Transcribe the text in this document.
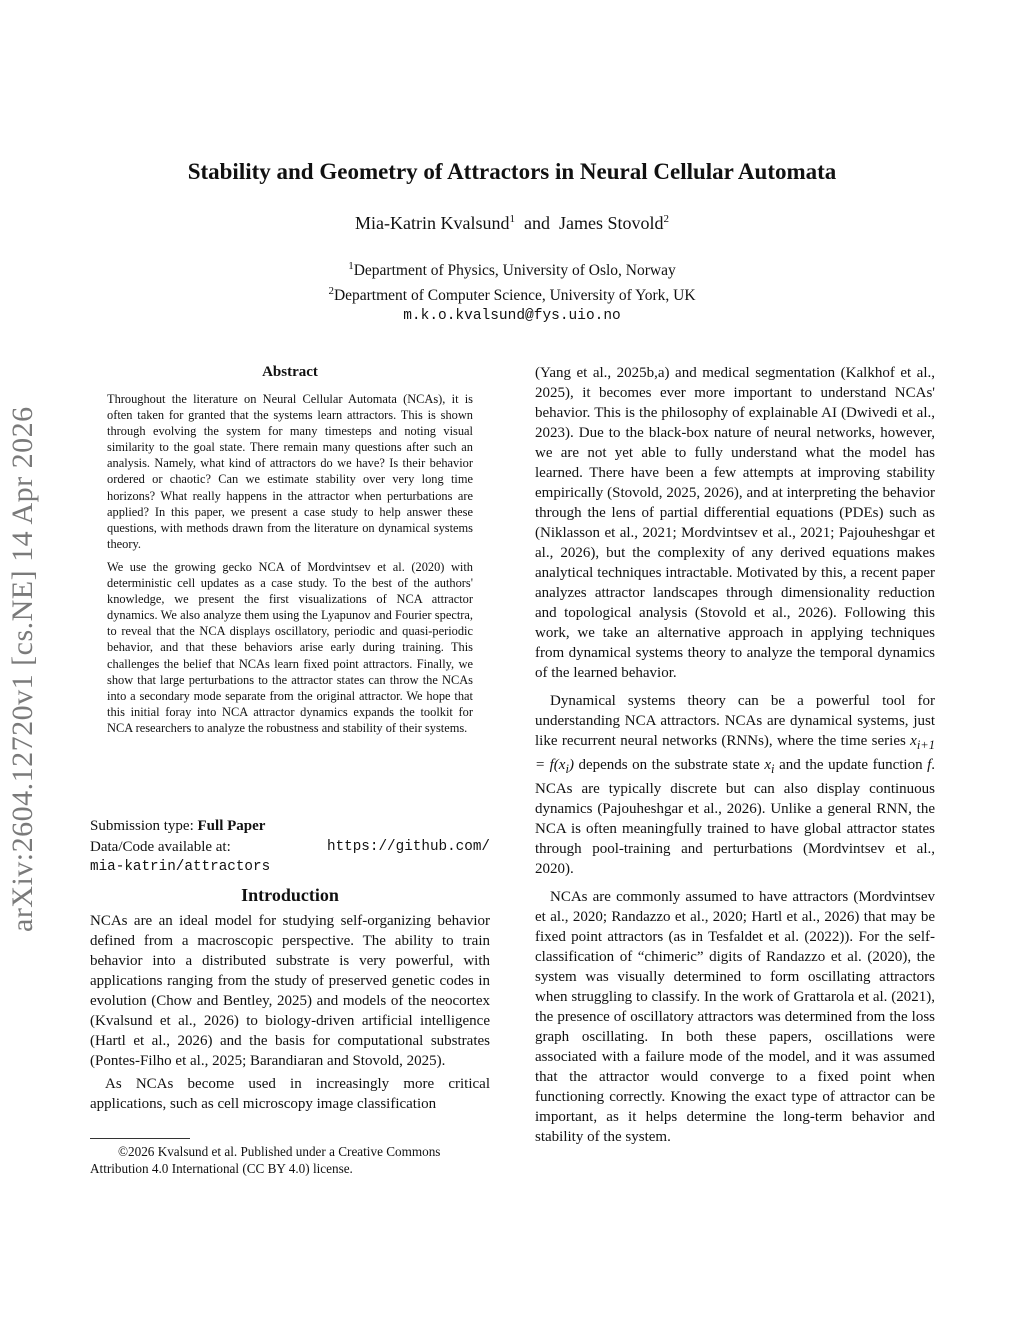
arXiv:2604.12720v1 [cs.NE] 14 Apr 2026
Stability and Geometry of Attractors in Neural Cellular Automata
Mia-Katrin Kvalsund$^1$ and James Stovold$^2$
$^1$Department of Physics, University of Oslo, Norway
$^2$Department of Computer Science, University of York, UK
m.k.o.kvalsund@fys.uio.no
Abstract

Throughout the literature on Neural Cellular Automata (NCAs), it is often taken for granted that the systems learn attractors. This is shown through evolving the system for many timesteps and noting visual similarity to the goal state. There remain many questions after such an analysis. Namely, what kind of attractors do we have? Is their behavior ordered or chaotic? Can we estimate stability over very long time horizons? What really happens in the attractor when perturbations are applied? In this paper, we present a case study to help answer these questions, with methods drawn from the literature on dynamical systems theory.

We use the growing gecko NCA of Mordvintsev et al. (2020) with deterministic cell updates as a case study. To the best of the authors' knowledge, we present the first visualizations of NCA attractor dynamics. We also analyze them using the Lyapunov and Fourier spectra, to reveal that the NCA displays oscillatory, periodic and quasi-periodic behavior, and that these behaviors arise early during training. This challenges the belief that NCAs learn fixed point attractors. Finally, we show that large perturbations to the attractor states can throw the NCAs into a secondary mode separate from the original attractor. We hope that this initial foray into NCA attractor dynamics expands the toolkit for NCA researchers to analyze the robustness and stability of their systems.

Submission type: Full Paper

Data/Code available at:	https://github.com/

mia-katrin/attractors

Introduction

NCAs are an ideal model for studying self-organizing behavior defined from a macroscopic perspective. The ability to train behavior into a distributed substrate is very powerful, with applications ranging from the study of preserved genetic codes in evolution (Chow and Bentley, 2025) and models of the neocortex (Kvalsund et al., 2026) to biology-driven artificial intelligence (Hartl et al., 2026) and the basis for computational substrates (Pontes-Filho et al., 2025; Barandiaran and Stovold, 2025).

As NCAs become used in increasingly more critical applications, such as cell microscopy image classification

©2026 Kvalsund et al. Published under a Creative Commons Attribution 4.0 International (CC BY 4.0) license.

(Yang et al., 2025b,a) and medical segmentation (Kalkhof et al., 2025), it becomes ever more important to understand NCAs' behavior. This is the philosophy of explainable AI (Dwivedi et al., 2023). Due to the black-box nature of neural networks, however, we are not yet able to fully understand what the model has learned. There have been a few attempts at improving stability empirically (Stovold, 2025, 2026), and at interpreting the behavior through the lens of partial differential equations (PDEs) such as (Niklasson et al., 2021; Mordvintsev et al., 2021; Pajouheshgar et al., 2026), but the complexity of any derived equations makes analytical techniques intractable. Motivated by this, a recent paper analyzes attractor landscapes through dimensionality reduction and topological analysis (Stovold et al., 2026). Following this work, we take an alternative approach in applying techniques from dynamical systems theory to analyze the temporal dynamics of the learned behavior.

Dynamical systems theory can be a powerful tool for understanding NCA attractors. NCAs are dynamical systems, just like recurrent neural networks (RNNs), where the time series $x_{i+1} = f(x_i)$ depends on the substrate state $x_i$ and the update function f. NCAs are typically discrete but can also display continuous dynamics (Pajouheshgar et al., 2026). Unlike a general RNN, the NCA is often meaningfully trained to have global attractor states through pool-training and perturbations (Mordvintsev et al., 2020).

NCAs are commonly assumed to have attractors (Mordvintsev et al., 2020; Randazzo et al., 2020; Hartl et al., 2026) that may be fixed point attractors (as in Tesfaldet et al. (2022)). For the self-classification of “chimeric” digits of Randazzo et al. (2020), the system was visually determined to form oscillating attractors when struggling to classify. In the work of Grattarola et al. (2021), the presence of oscillatory attractors was determined from the loss graph oscillating. In both these papers, oscillations were associated with a failure mode of the model, and it was assumed that the attractor would converge to a fixed point when functioning correctly. Knowing the exact type of attractor can be important, as it helps determine the long-term behavior and stability of the system.
